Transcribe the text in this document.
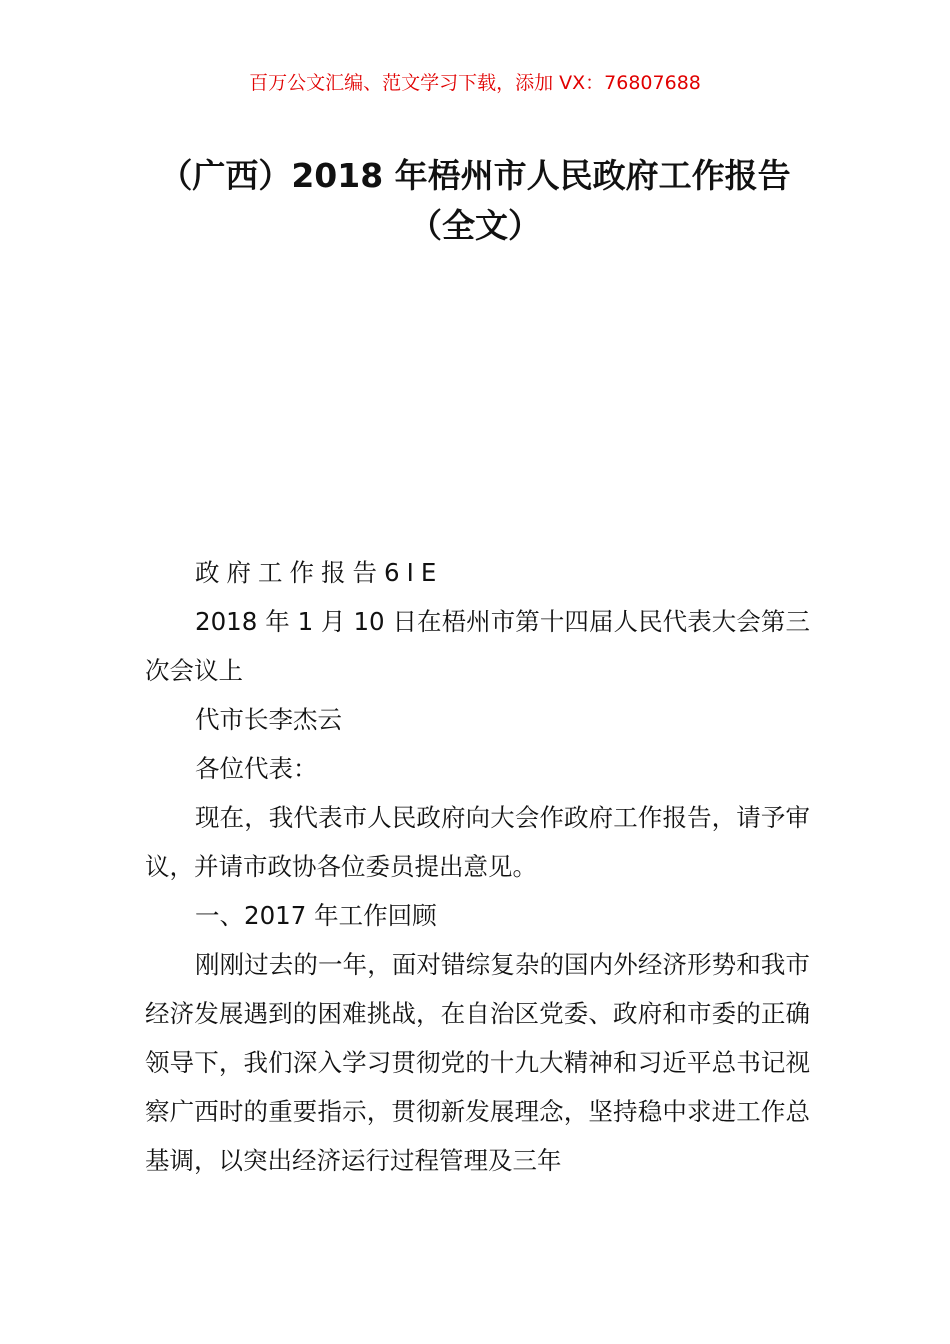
百万公文汇编、范文学习下载，添加 VX：76807688
（广西）2018 年梧州市人民政府工作报告
（全文）

政府工作报告6IE

2018 年 1 月 10 日在梧州市第十四届人民代表大会第三次会议上

代市长李杰云

各位代表：

现在，我代表市人民政府向大会作政府工作报告，请予审议，并请市政协各位委员提出意见。

一、2017 年工作回顾

刚刚过去的一年，面对错综复杂的国内外经济形势和我市经济发展遇到的困难挑战，在自治区党委、政府和市委的正确领导下，我们深入学习贯彻党的十九大精神和习近平总书记视察广西时的重要指示，贯彻新发展理念，坚持稳中求进工作总基调，以突出经济运行过程管理及三年
